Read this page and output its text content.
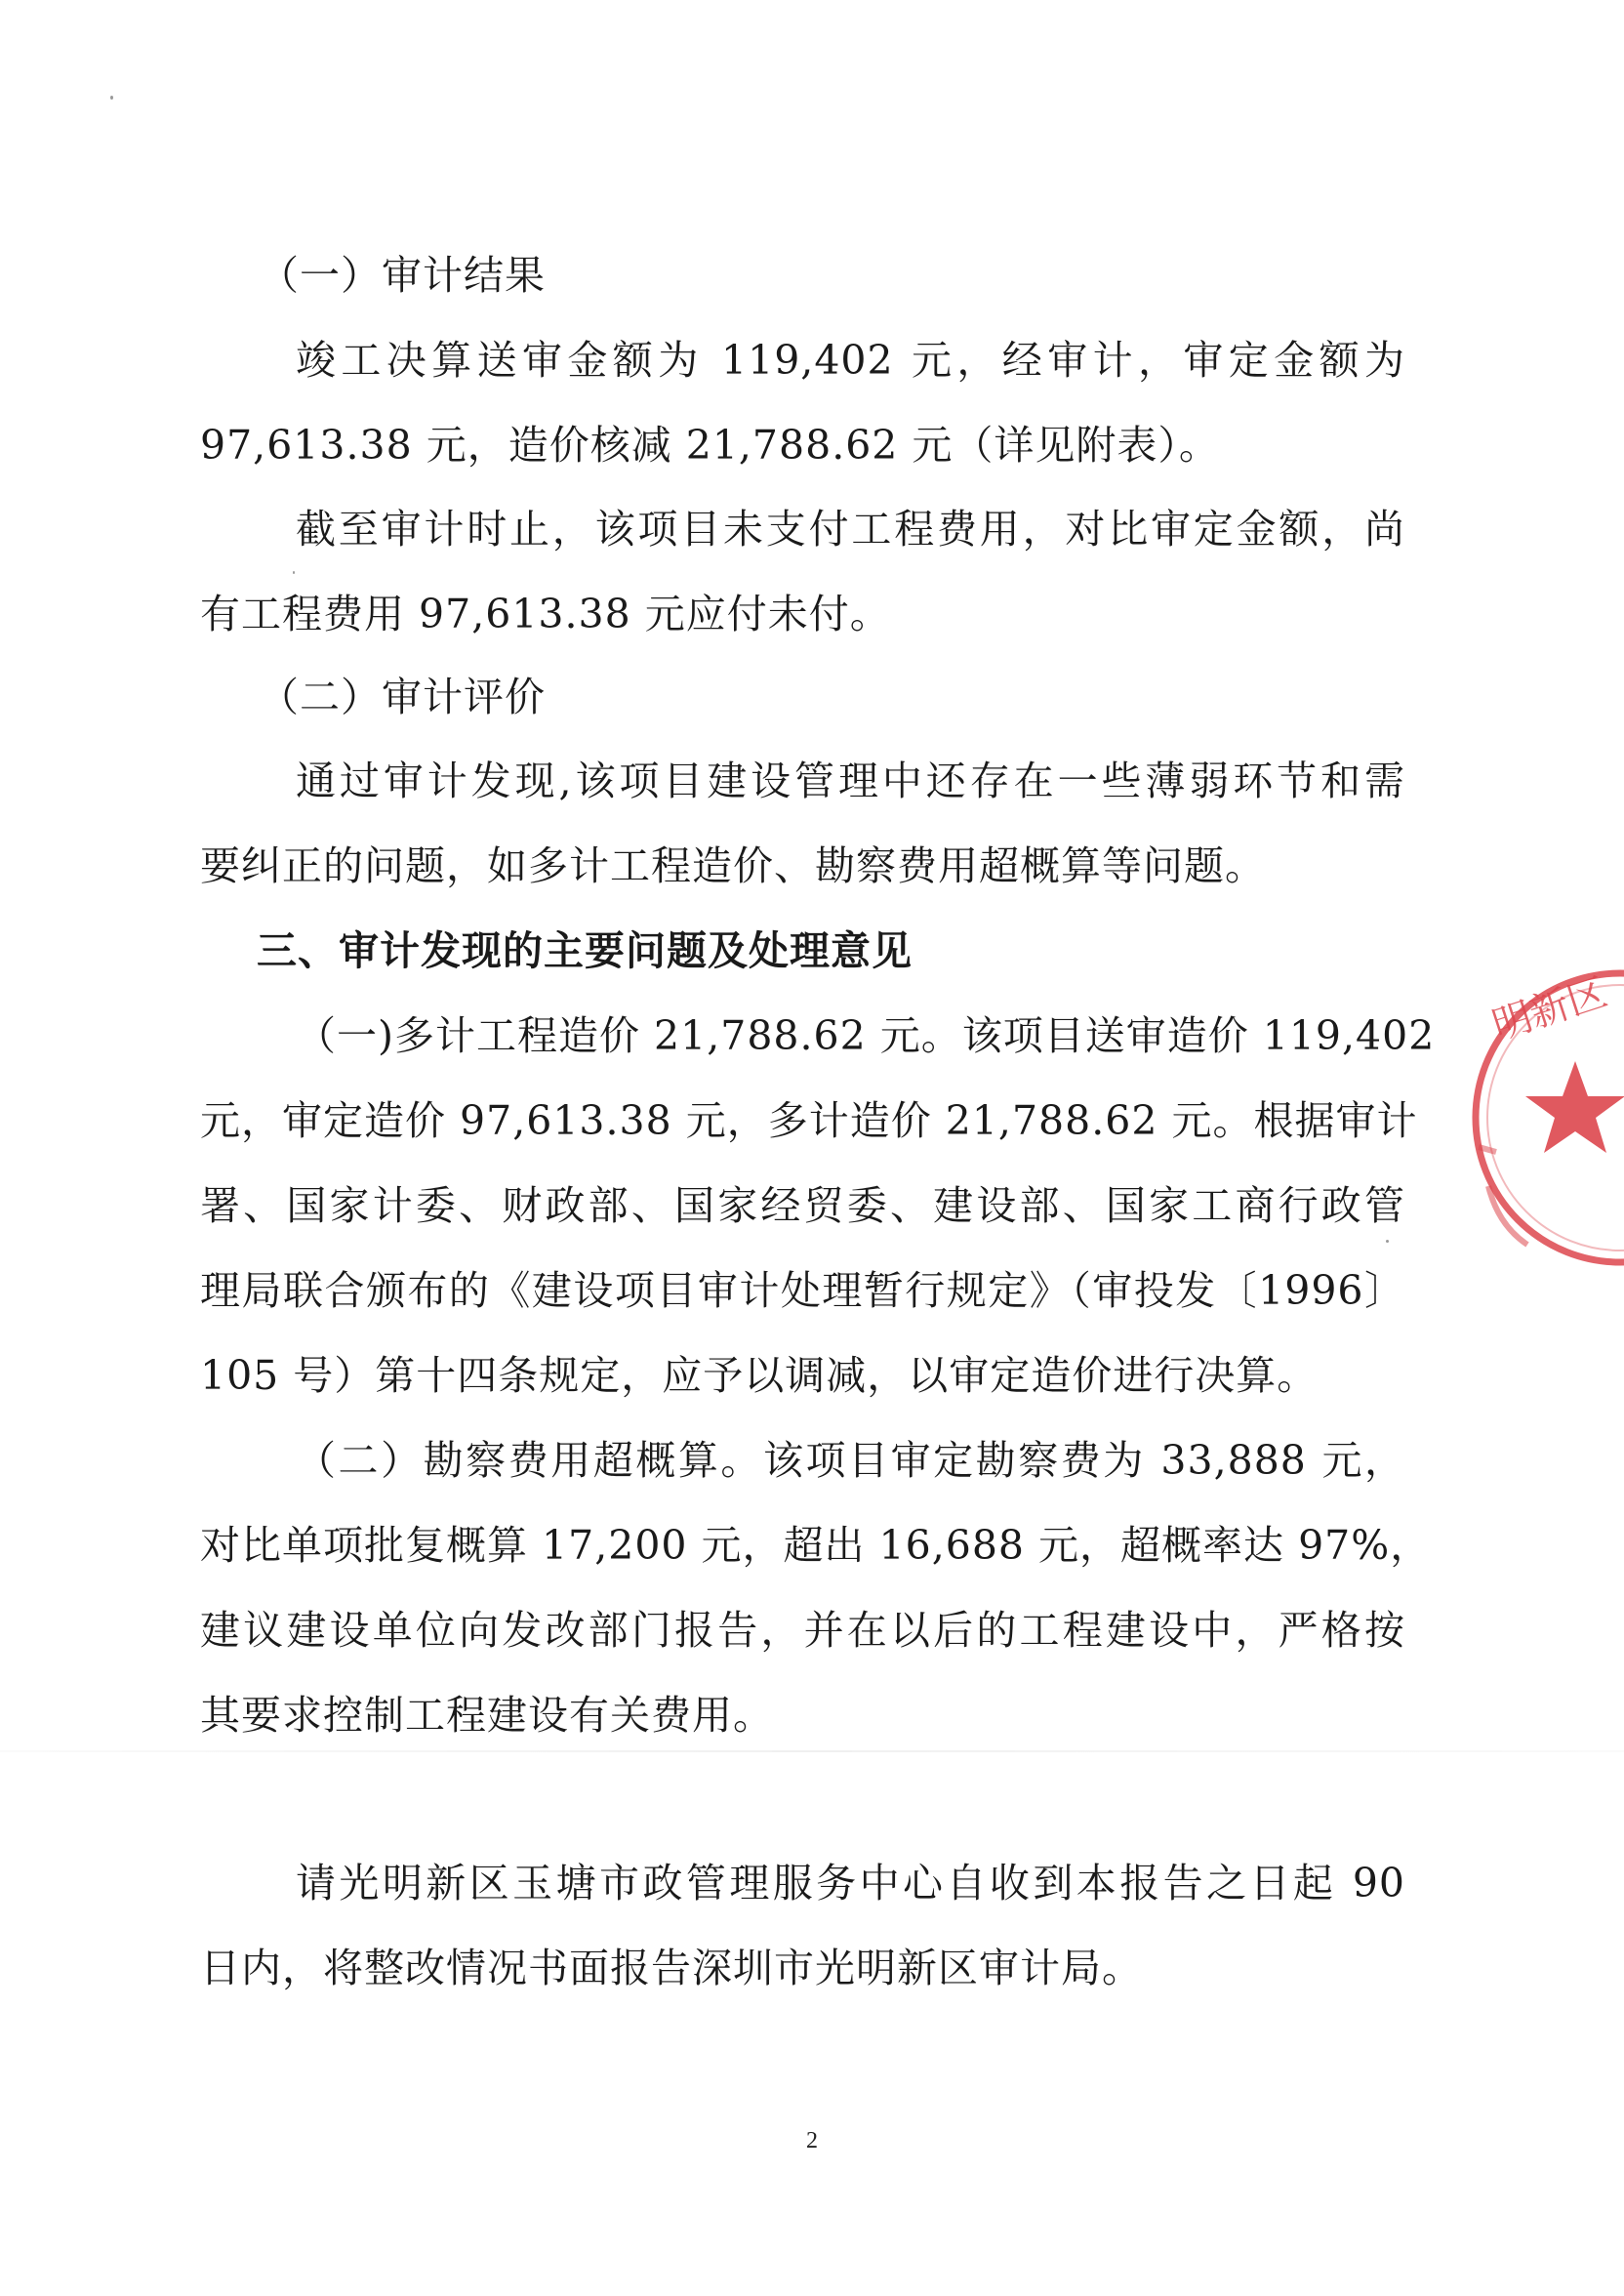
（一）审计结果
竣工决算送审金额为 119,402 元，经审计，审定金额为
97,613.38 元，造价核减 21,788.62 元（详见附表）。
截至审计时止，该项目未支付工程费用，对比审定金额，尚
有工程费用 97,613.38 元应付未付。
（二）审计评价
通过审计发现,该项目建设管理中还存在一些薄弱环节和需
要纠正的问题，如多计工程造价、勘察费用超概算等问题。
三、审计发现的主要问题及处理意见
（一)多计工程造价 21,788.62 元。该项目送审造价 119,402
元，审定造价 97,613.38 元，多计造价 21,788.62 元。根据审计
署、国家计委、财政部、国家经贸委、建设部、国家工商行政管
理局联合颁布的《建设项目审计处理暂行规定》（审投发〔1996〕
105 号）第十四条规定，应予以调减，以审定造价进行决算。
（二）勘察费用超概算。该项目审定勘察费为 33,888 元，
对比单项批复概算 17,200 元，超出 16,688 元，超概率达 97%，
建议建设单位向发改部门报告，并在以后的工程建设中，严格按
其要求控制工程建设有关费用。
请光明新区玉塘市政管理服务中心自收到本报告之日起 90
日内，将整改情况书面报告深圳市光明新区审计局。
明新区
2
